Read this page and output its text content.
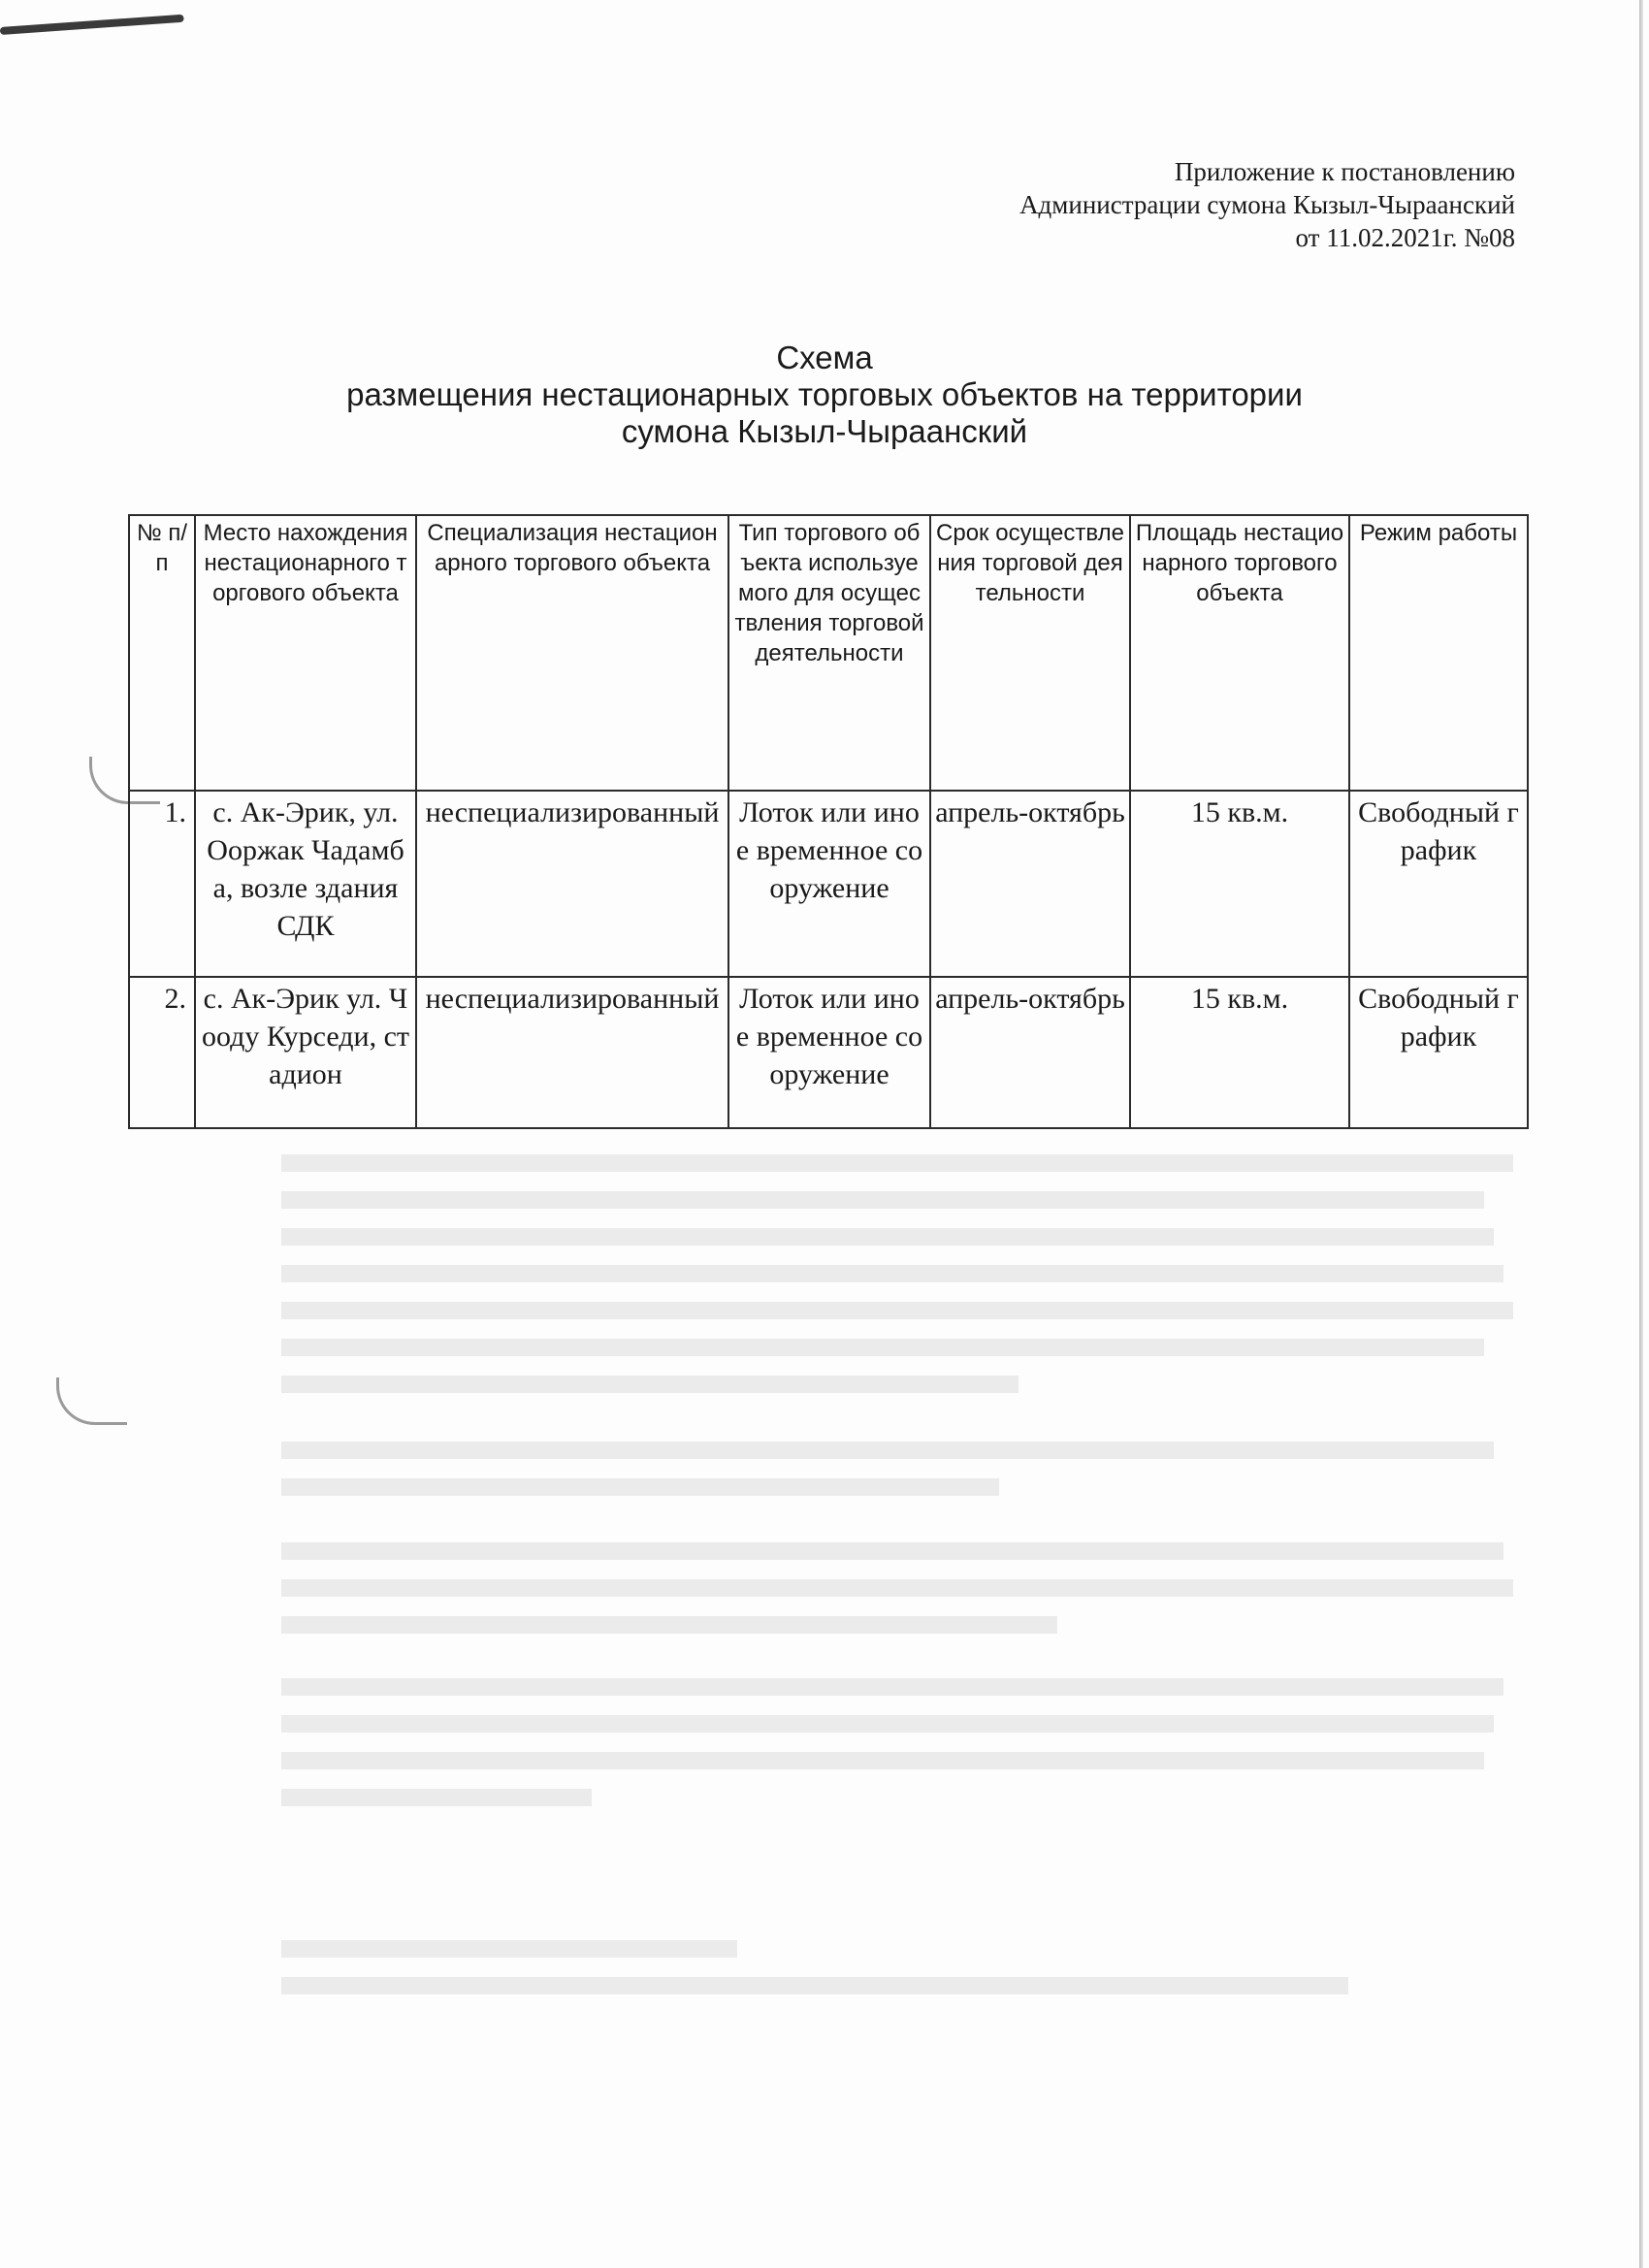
Приложение к постановлению
Администрации сумона Кызыл-Чыраанский
от 11.02.2021г. №08
Схема
размещения нестационарных торговых объектов на территории
сумона Кызыл-Чыраанский
№ п/п	Место нахождения нестационарного торгового объекта	Специализация нестационарного торгового объекта	Тип торгового объекта используемого для осуществления торговой деятельности	Срок осуществления торговой деятельности	Площадь нестационарного торгового объекта	Режим работы
1.	с. Ак-Эрик, ул. Ооржак Чадамба, возле здания СДК	неспециализированный	Лоток или иное временное сооружение	апрель-октябрь	15 кв.м.	Свободный график
2.	с. Ак-Эрик ул. Чооду Курседи, стадион	неспециализированный	Лоток или иное временное сооружение	апрель-октябрь	15 кв.м.	Свободный график
